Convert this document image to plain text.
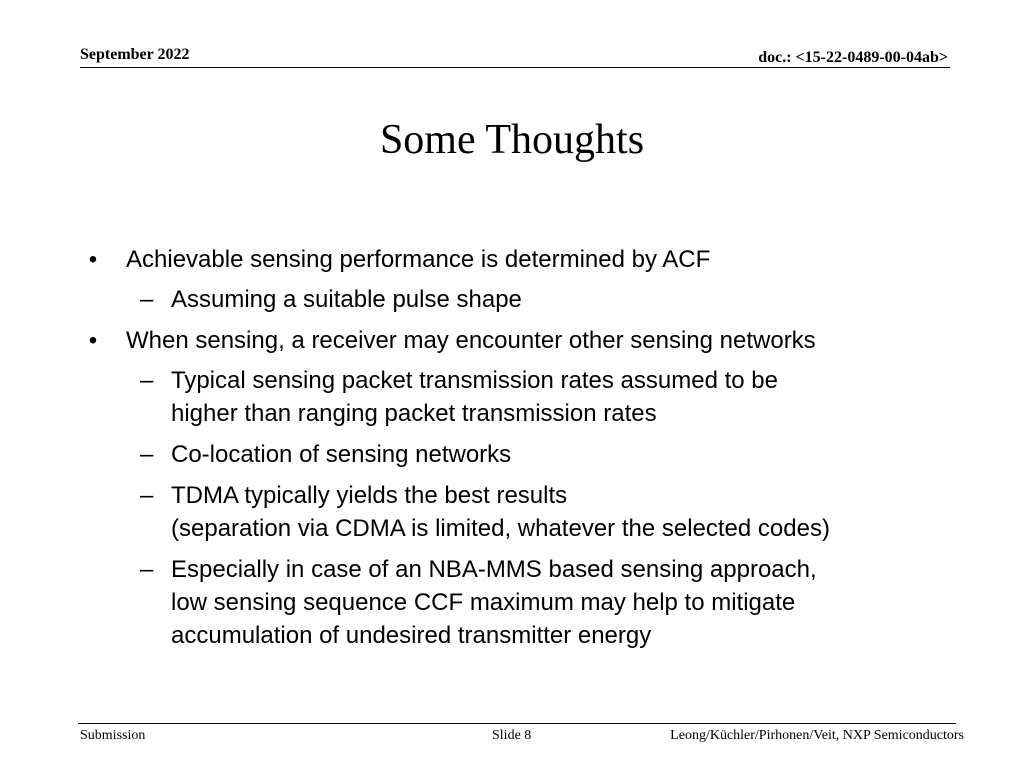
September 2022	doc.: <15-22-0489-00-04ab>
Some Thoughts
• Achievable sensing performance is determined by ACF
– Assuming a suitable pulse shape
• When sensing, a receiver may encounter other sensing networks
– Typical sensing packet transmission rates assumed to be
higher than ranging packet transmission rates
– Co-location of sensing networks
– TDMA typically yields the best results
(separation via CDMA is limited, whatever the selected codes)
– Especially in case of an NBA-MMS based sensing approach,
low sensing sequence CCF maximum may help to mitigate
accumulation of undesired transmitter energy
Submission	Slide 8	Leong/Küchler/Pirhonen/Veit, NXP Semiconductors
